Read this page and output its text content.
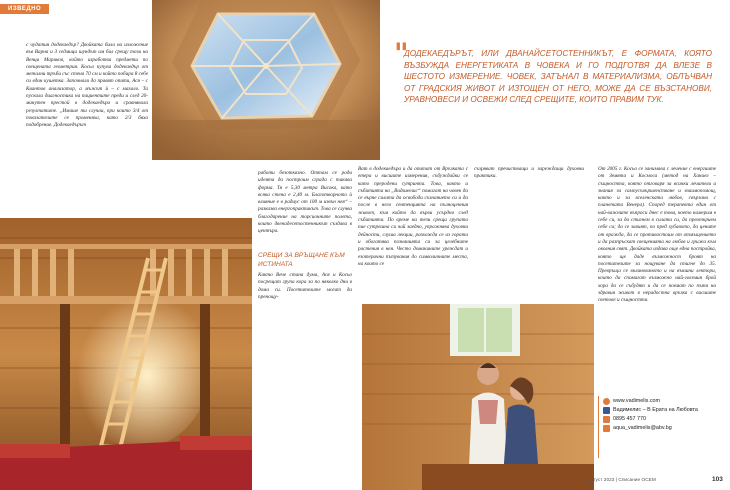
ИЗВЕДНО

с чудатия додекаедър? Двойката била на изложение във Варна и 3 седмици шундът им бил срещу този на Венци Мариков, който изработва предмети по свещената геометрия. Косьо купува додекаедър от метални тръби със стена 70 см и който побира 8 себе си един кушетка. Започнали да правят опити, Ася – с Квантов анализатор, а мъжът ѝ – с махало. Та пускала диагностика на пациентите преди и след 20-минутен престой в додекаедъра и сравнявала резултатите. „Имаше ти случаи, при които 3/4 от показателите се променяха, като 2/3 бяха подобрение. Додекаедърът

работи безотказно. Оттам се роди идеята да построим сграда с такава форма. Тя е 5,30 метра Висока, като всяка стена е 2,40 м. Благотворното ѝ влияние е в радиус от 100 м извън нея“ – разказва енергопрактикът. Това се случва благодарение на торсионните полета, които двенадесетостенникът създава в центъра.

СРЕЩИ ЗА ВРЪЩАНЕ КЪМ ИСТИНАТА

Както Вече стана дума, Ася и Косьо посрещат група кора за по няколко дни в дома си. Посетителите могат да пренощу-

Ват в додекаедъра и да опитат от Връзката с етера и висшите измерения, събуждайки се като преродени сутринта. Това, както и събитията на „Вадимелис“ помагат на човек да се върне силата да освободи съзнанието си и да после в него сентенцията на пълноценния живот, към който да върви усърдно след събитията. По време на тези срещи групата пие сутрешна си чай заедно, упражнява духовни дейности, слуша лекции, разхожда се из гората и обогатява познанията си за целебните растения в нея. Често домакините уреждат и езотерични пътувания до символичните места, на които се

съзряват пречистващи и зареждащи духовни практики.

"
ДОДЕКАЕДЪРЪТ, ИЛИ ДВАНАЙСЕТОСТЕННИКЪТ, Е ФОРМАТА, КОЯТО ВЪЗБУЖДА ЕНЕРГЕТИКАТА В ЧОВЕКА И ГО ПОДГОТВЯ ДА ВЛЕЗЕ В ШЕСТОТО ИЗМЕРЕНИЕ. ЧОВЕК, ЗАТЪНАЛ В МАТЕРИАЛИЗМА, ОБЛЪЧВАН ОТ ГРАДСКИЯ ЖИВОТ И ИЗТОЩЕН ОТ НЕГО, МОЖЕ ДА СЕ ВЪЗСТАНОВИ, УРАВНОВЕСИ И ОСВЕЖИ СЛЕД СРЕЩИТЕ, КОИТО ПРАВИМ ТУК.

От 2005 г. Косьо се занимава с лечение с енергиите от Земята и Космоса (метод на Ханиел – същността, която отговаря за всички лечители и знания за самоусъвършенстване и взаимопомощ, както и за вселенската любов, свързана с планетата Венера). Според терапевта един от най-важните въпроси днес е това, което намерим в себе си, за да стигнем в силата си, да преоткрием себе си; да се завият, по пред хубавото, да цените от вражда, да се противостоим от отмъщението и да разпръскат свещенията на любов и грижа към околния свят. Двойката издава още една постройка, която ще даде възможност броят на посетителите за нощуване да стигне до 35. Превръща се вклинованото и на външни лектори, които да спомагат възможно най-големия брой хора да се събудят и да се поемат по пътя на здравия живот в нерадостна връзка с висшите светове и същността.

www.vadimelis.com
Вадимелис – В Ерата на Любовта
0895 457 770
aqua_vadimelis@abv.bg
Август 2023 | Списание ОСЕМ	103
